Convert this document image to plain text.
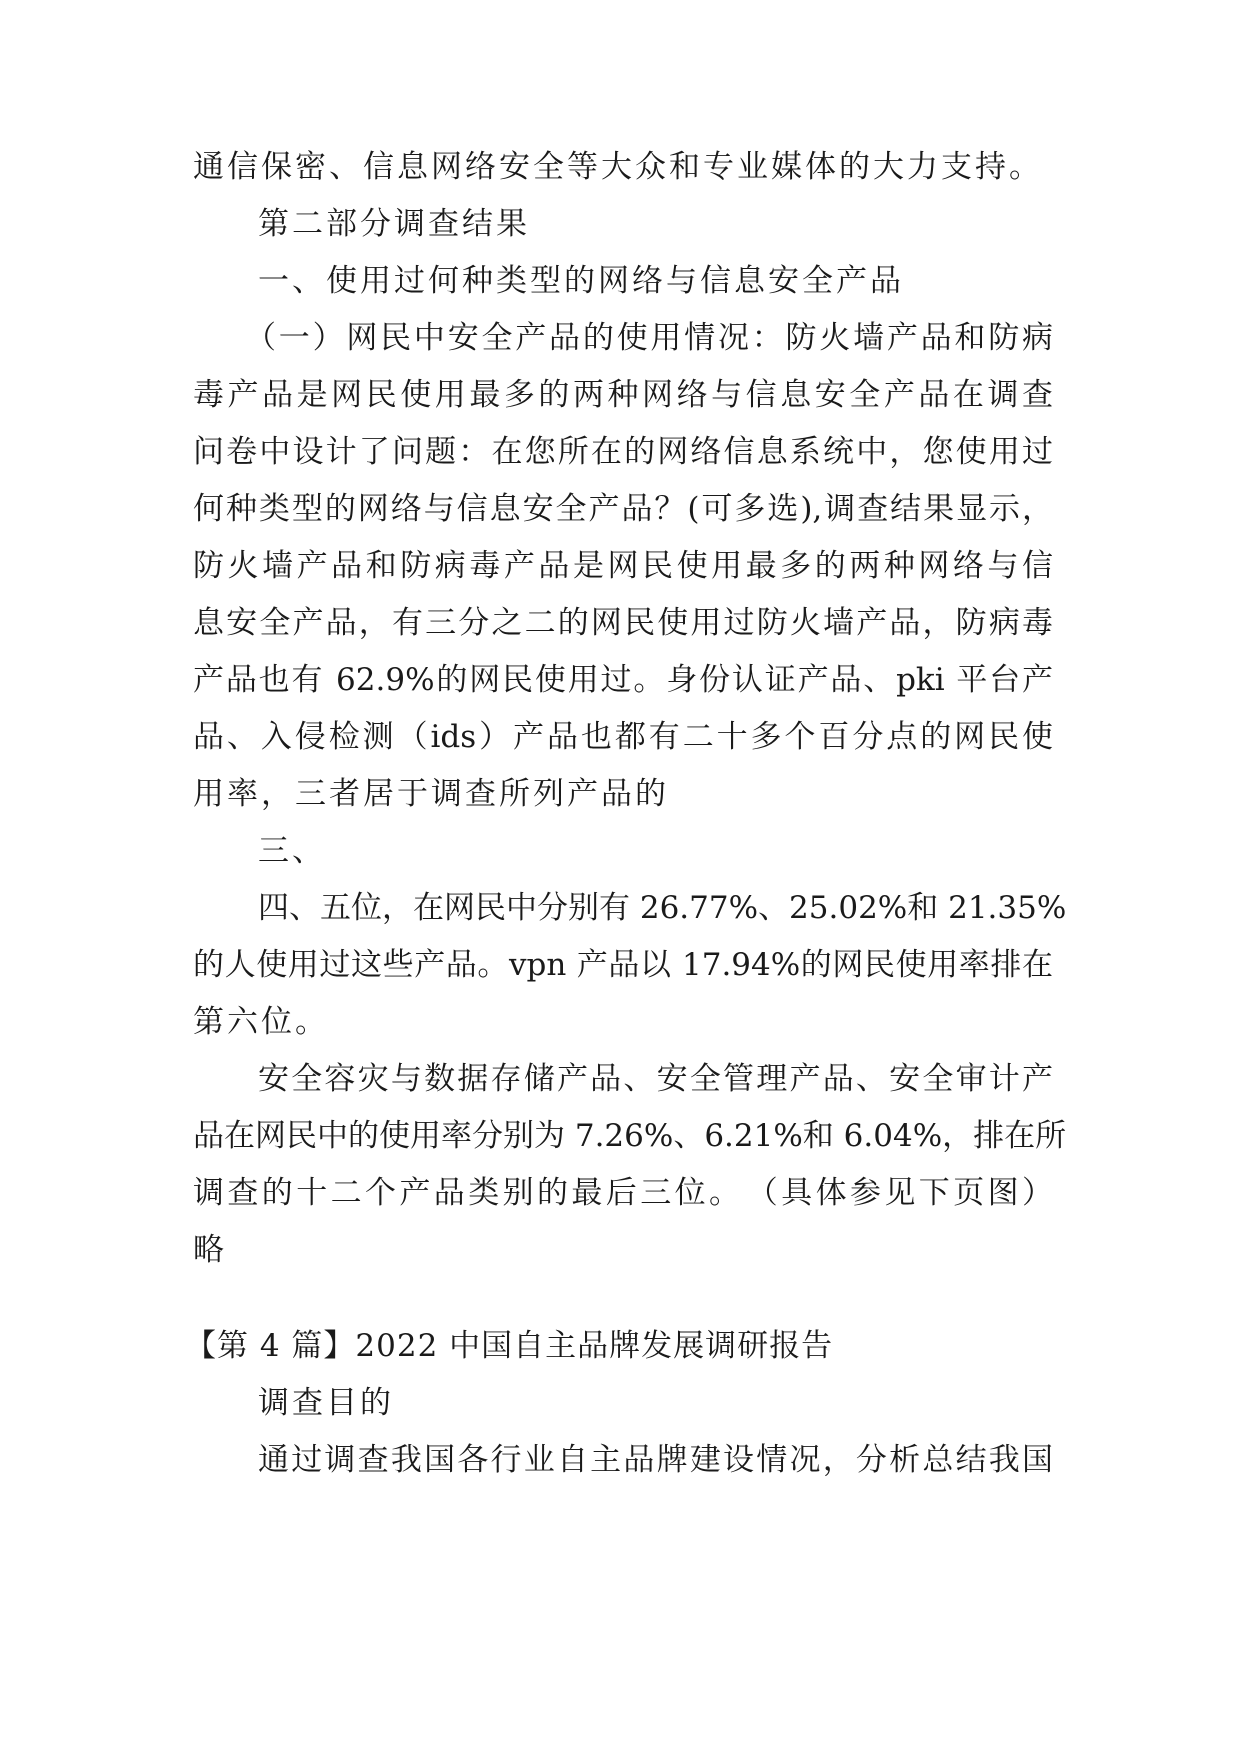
通信保密、信息网络安全等大众和专业媒体的大力支持。
第二部分调查结果
一、使用过何种类型的网络与信息安全产品
（一）网民中安全产品的使用情况：防火墙产品和防病
毒产品是网民使用最多的两种网络与信息安全产品在调查
问卷中设计了问题：在您所在的网络信息系统中，您使用过
何种类型的网络与信息安全产品？(可多选),调查结果显示，
防火墙产品和防病毒产品是网民使用最多的两种网络与信
息安全产品，有三分之二的网民使用过防火墙产品，防病毒
产品也有 62.9%的网民使用过。身份认证产品、pki 平台产
品、入侵检测（ids）产品也都有二十多个百分点的网民使
用率，三者居于调查所列产品的
三、
四、五位，在网民中分别有 26.77%、25.02%和 21.35%
的人使用过这些产品。vpn 产品以 17.94%的网民使用率排在
第六位。
安全容灾与数据存储产品、安全管理产品、安全审计产
品在网民中的使用率分别为 7.26%、6.21%和 6.04%，排在所
调查的十二个产品类别的最后三位。　（具体参见下页图）
略
【第 4 篇】2022 中国自主品牌发展调研报告
调查目的
通过调查我国各行业自主品牌建设情况，分析总结我国
